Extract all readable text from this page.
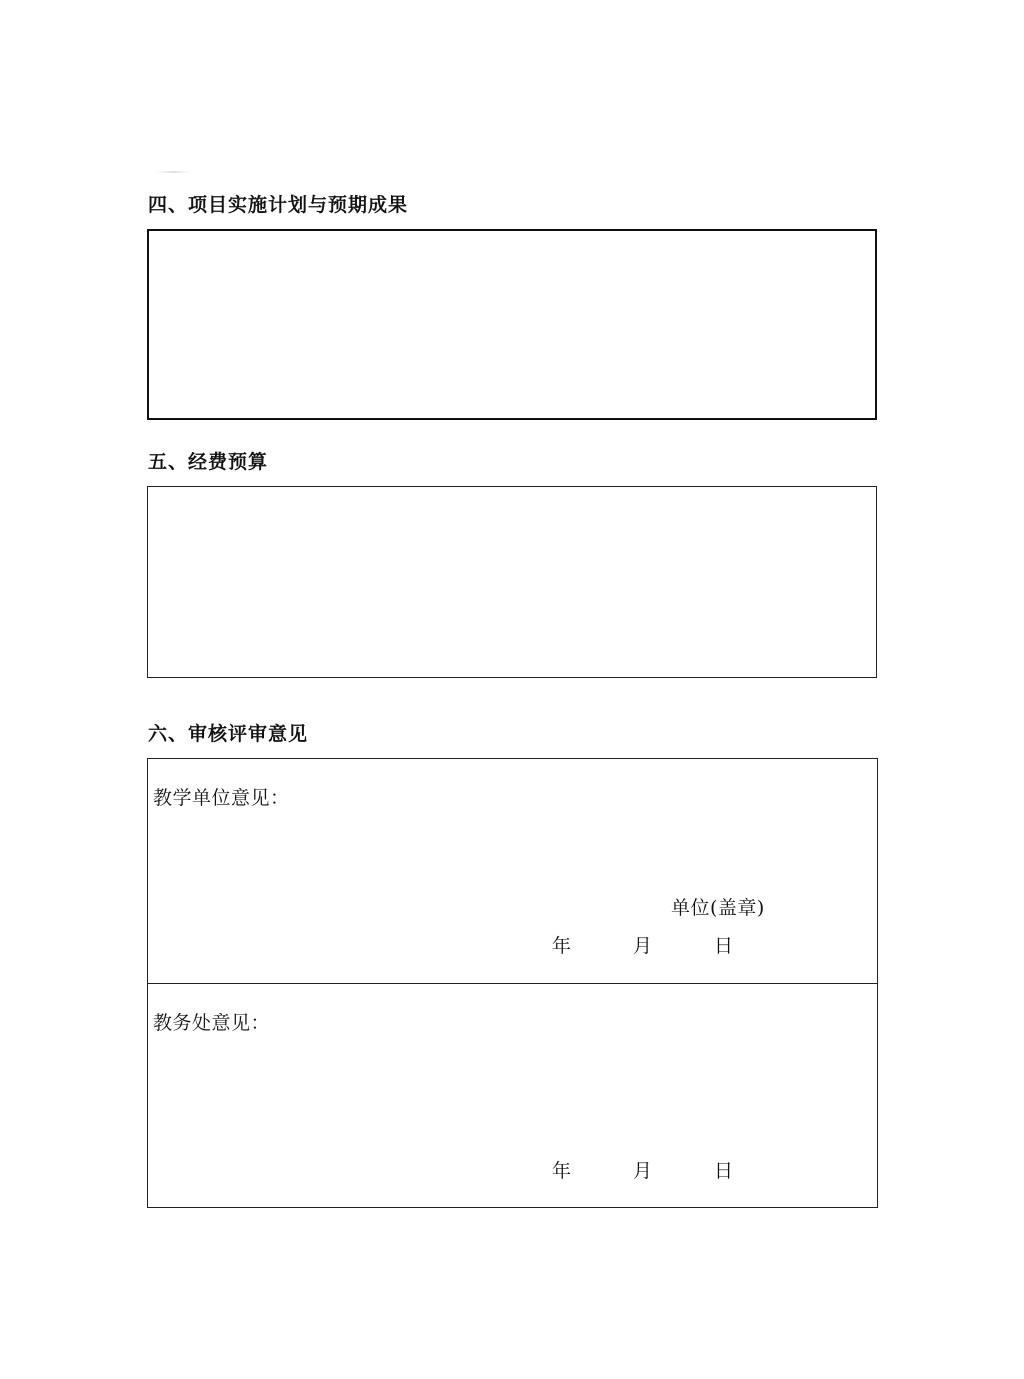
四、项目实施计划与预期成果
五、经费预算
六、审核评审意见
教学单位意见：
单位(盖章)
年	月	日
教务处意见：
年	月	日
